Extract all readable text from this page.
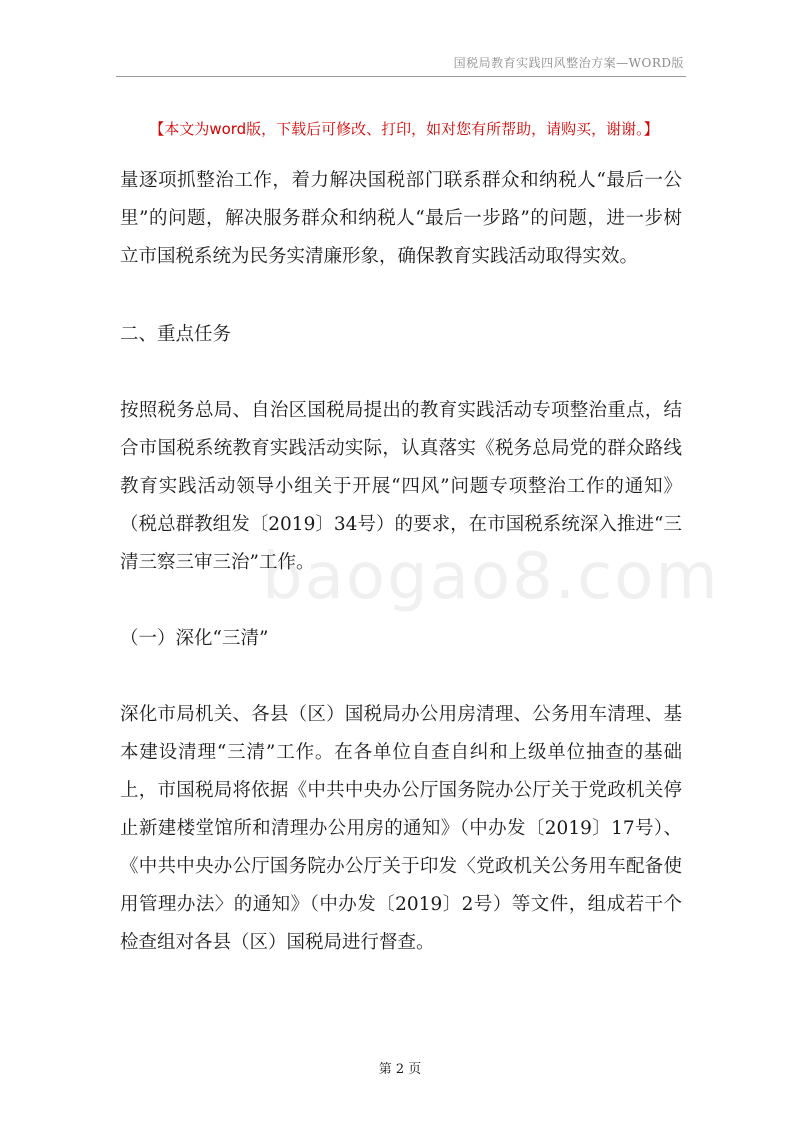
国税局教育实践四风整治方案—WORD版
【本文为word版，下载后可修改、打印，如对您有所帮助，请购买，谢谢。】
baogao8.com

量逐项抓整治工作，着力解决国税部门联系群众和纳税人“最后一公里”的问题，解决服务群众和纳税人“最后一步路”的问题，进一步树立市国税系统为民务实清廉形象，确保教育实践活动取得实效。

二、重点任务

按照税务总局、自治区国税局提出的教育实践活动专项整治重点，结合市国税系统教育实践活动实际，认真落实《税务总局党的群众路线教育实践活动领导小组关于开展“四风”问题专项整治工作的通知》（税总群教组发〔2019〕34号）的要求，在市国税系统深入推进“三清三察三审三治”工作。

（一）深化“三清”

深化市局机关、各县（区）国税局办公用房清理、公务用车清理、基本建设清理“三清”工作。在各单位自查自纠和上级单位抽查的基础上，市国税局将依据《中共中央办公厅国务院办公厅关于党政机关停止新建楼堂馆所和清理办公用房的通知》（中办发〔2019〕17号）、《中共中央办公厅国务院办公厅关于印发〈党政机关公务用车配备使用管理办法〉的通知》（中办发〔2019〕2号）等文件，组成若干个检查组对各县（区）国税局进行督查。

第 2 页
